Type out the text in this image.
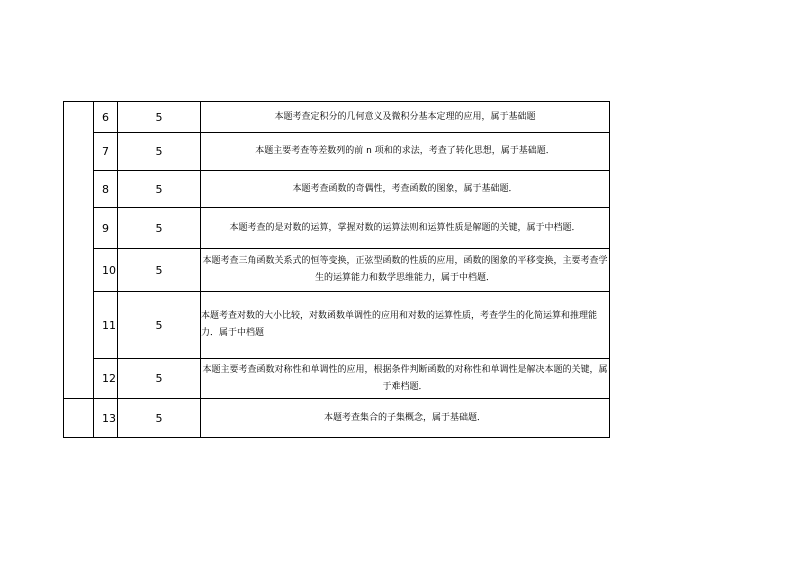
	6	5	本题考查定积分的几何意义及微积分基本定理的应用，属于基础题
	7	5	本题主要考查等差数列的前 n 项和的求法，考查了转化思想，属于基础题．
	8	5	本题考查函数的奇偶性，考查函数的图象，属于基础题．
	9	5	本题考查的是对数的运算，掌握对数的运算法则和运算性质是解题的关键，属于中档题．
	10	5	本题考查三角函数关系式的恒等变换，正弦型函数的性质的应用，函数的图象的平移变换，主要考查学生的运算能力和数学思维能力，属于中档题．
	11	5	本题考查对数的大小比较，对数函数单调性的应用和对数的运算性质，考查学生的化简运算和推理能力．属于中档题
	12	5	本题主要考查函数对称性和单调性的应用，根据条件判断函数的对称性和单调性是解决本题的关键，属于难档题．
	13	5	本题考查集合的子集概念，属于基础题．
